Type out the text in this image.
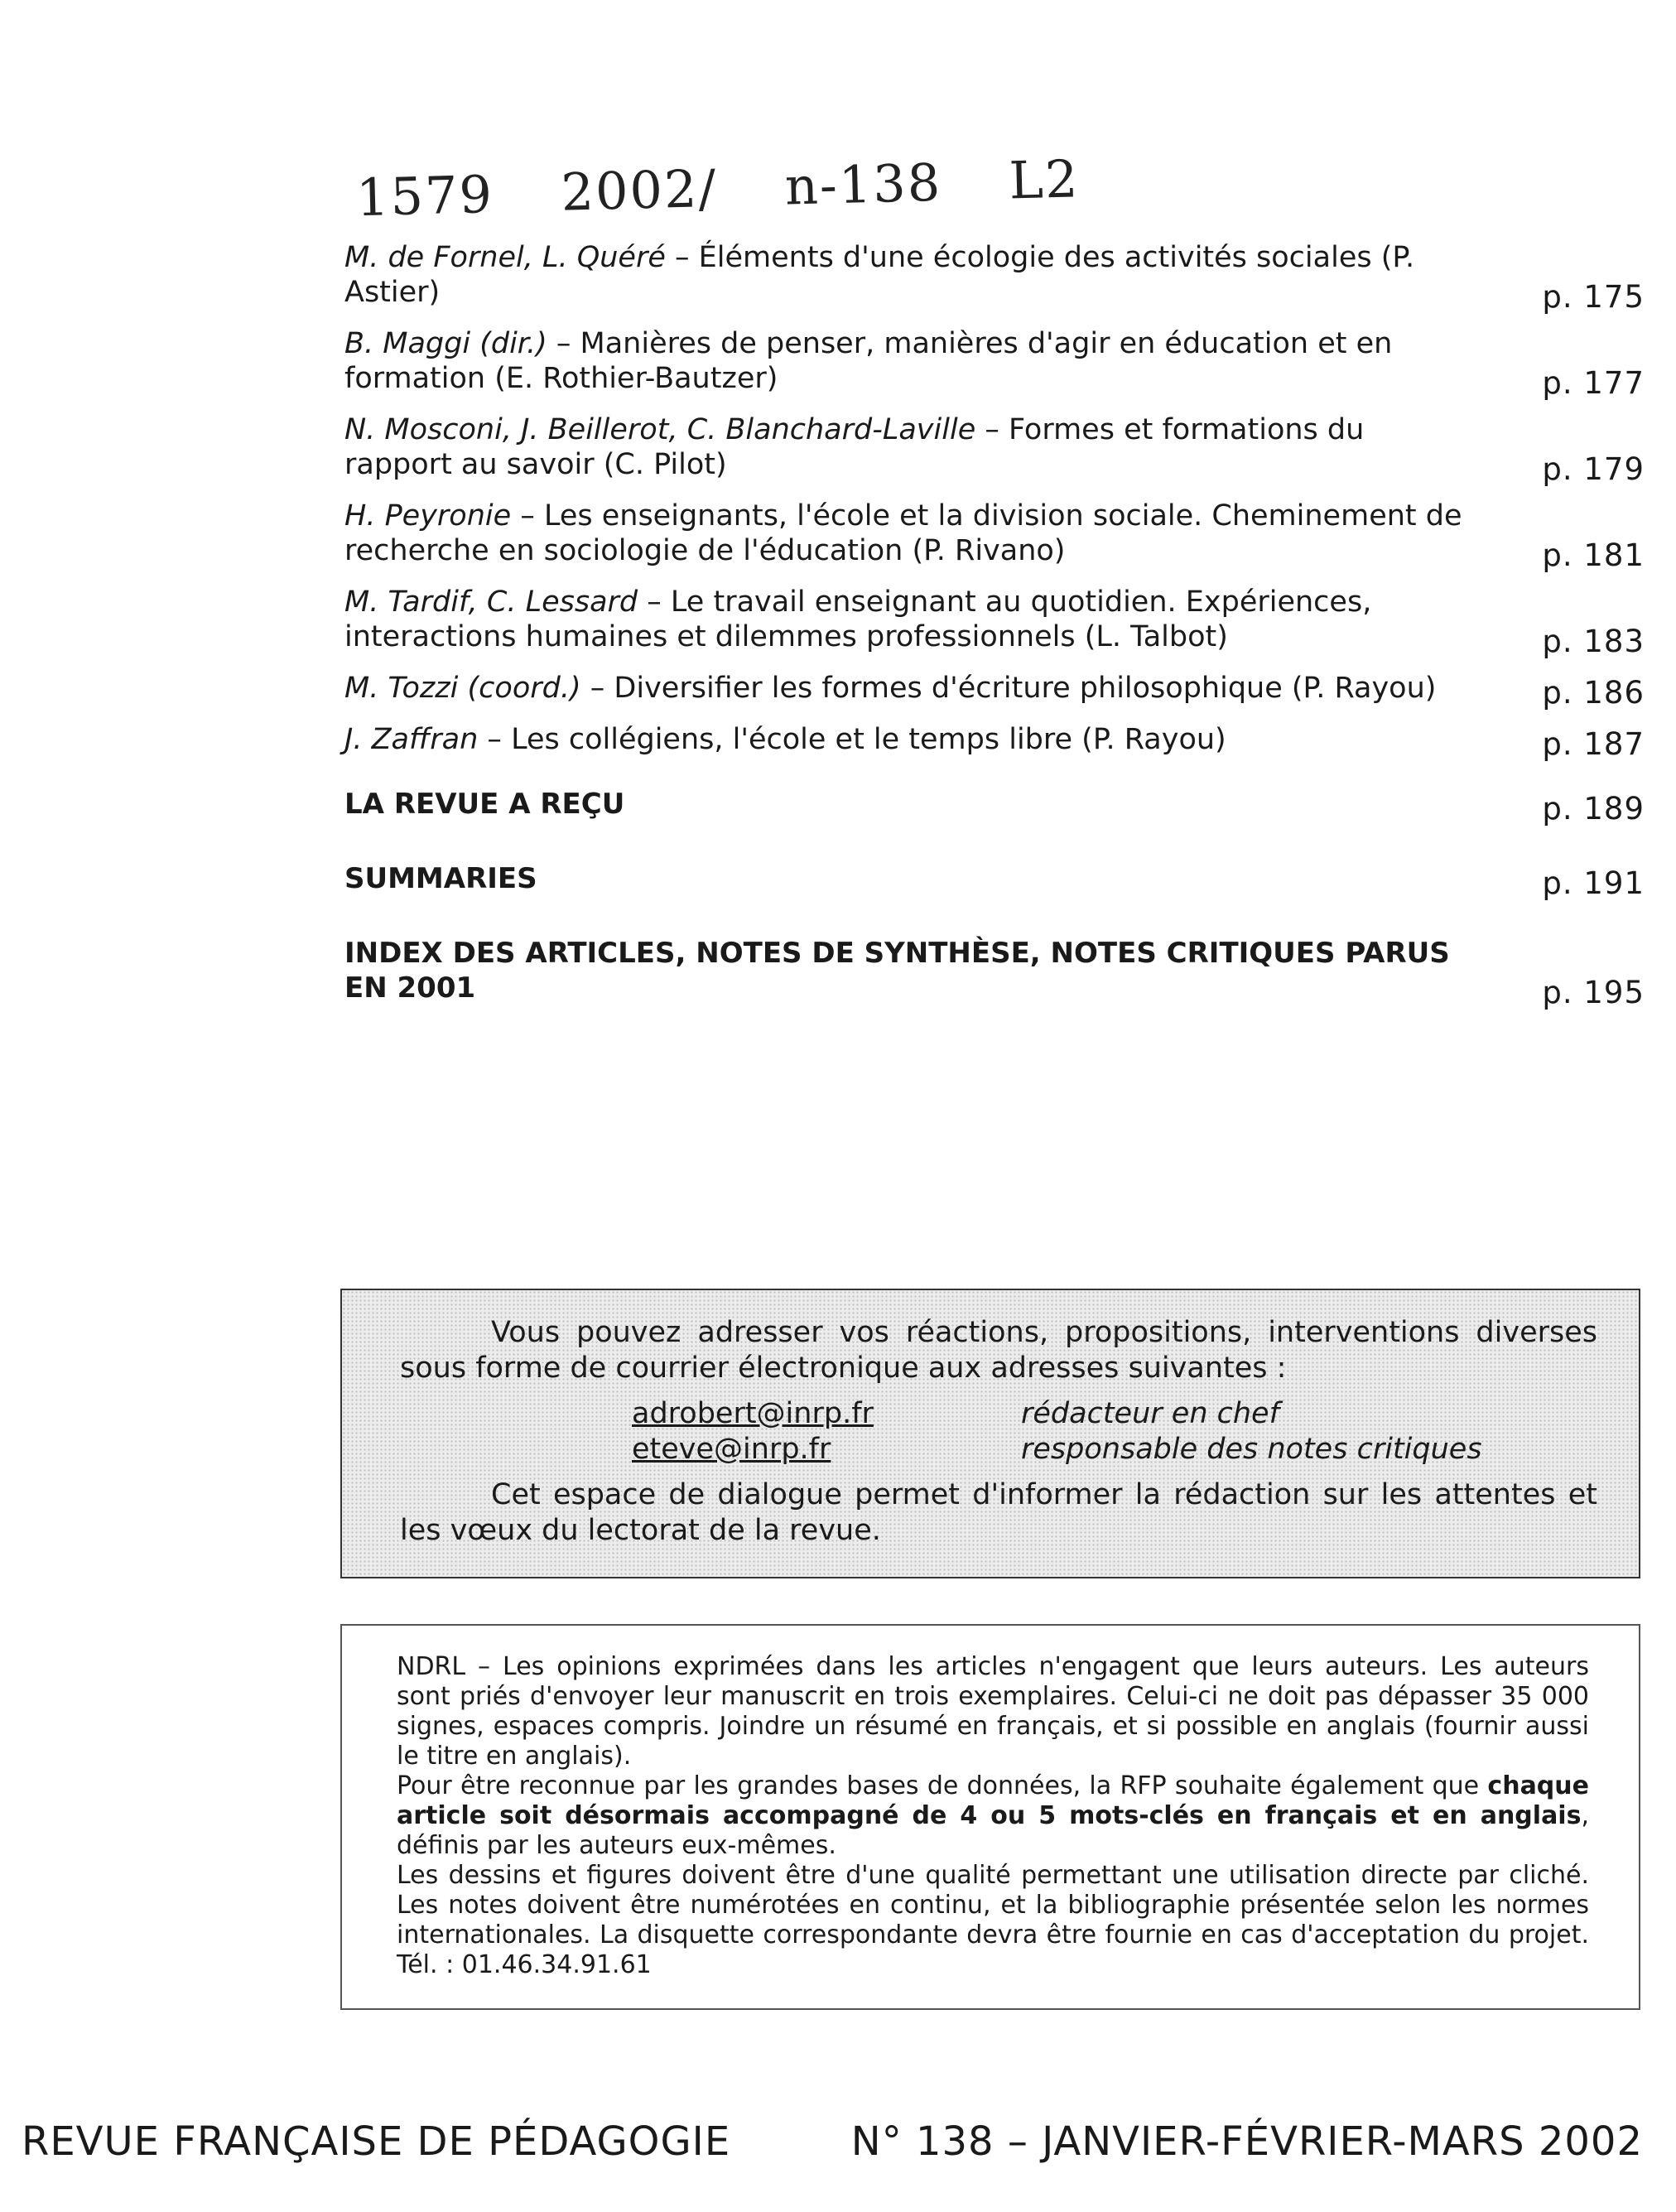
1579 2002/ n-138 L2
M. de Fornel, L. Quéré – Éléments d'une écologie des activités sociales (P. Astier)	p. 175
B. Maggi (dir.) – Manières de penser, manières d'agir en éducation et en formation (E. Rothier-Bautzer)	p. 177
N. Mosconi, J. Beillerot, C. Blanchard-Laville – Formes et formations du rapport au savoir (C. Pilot)	p. 179
H. Peyronie – Les enseignants, l'école et la division sociale. Cheminement de recherche en sociologie de l'éducation (P. Rivano)	p. 181
M. Tardif, C. Lessard – Le travail enseignant au quotidien. Expériences, interactions humaines et dilemmes professionnels (L. Talbot)	p. 183
M. Tozzi (coord.) – Diversifier les formes d'écriture philosophique (P. Rayou)	p. 186
J. Zaffran – Les collégiens, l'école et le temps libre (P. Rayou)	p. 187
LA REVUE A REÇU	p. 189
SUMMARIES	p. 191
INDEX DES ARTICLES, NOTES DE SYNTHÈSE, NOTES CRITIQUES PARUS EN 2001	p. 195

Vous pouvez adresser vos réactions, propositions, interventions diverses sous forme de courrier électronique aux adresses suivantes :

adrobert@inrp.fr	rédacteur en chef
eteve@inrp.fr	responsable des notes critiques

Cet espace de dialogue permet d'informer la rédaction sur les attentes et les vœux du lectorat de la revue.

NDRL – Les opinions exprimées dans les articles n'engagent que leurs auteurs. Les auteurs sont priés d'envoyer leur manuscrit en trois exemplaires. Celui-ci ne doit pas dépasser 35 000 signes, espaces compris. Joindre un résumé en français, et si possible en anglais (fournir aussi le titre en anglais).

Pour être reconnue par les grandes bases de données, la RFP souhaite également que chaque article soit désormais accompagné de 4 ou 5 mots-clés en français et en anglais, définis par les auteurs eux-mêmes.

Les dessins et figures doivent être d'une qualité permettant une utilisation directe par cliché. Les notes doivent être numérotées en continu, et la bibliographie présentée selon les normes internationales. La disquette correspondante devra être fournie en cas d'acceptation du projet. Tél. : 01.46.34.91.61

REVUE FRANÇAISE DE PÉDAGOGIE	N° 138 – JANVIER-FÉVRIER-MARS 2002
